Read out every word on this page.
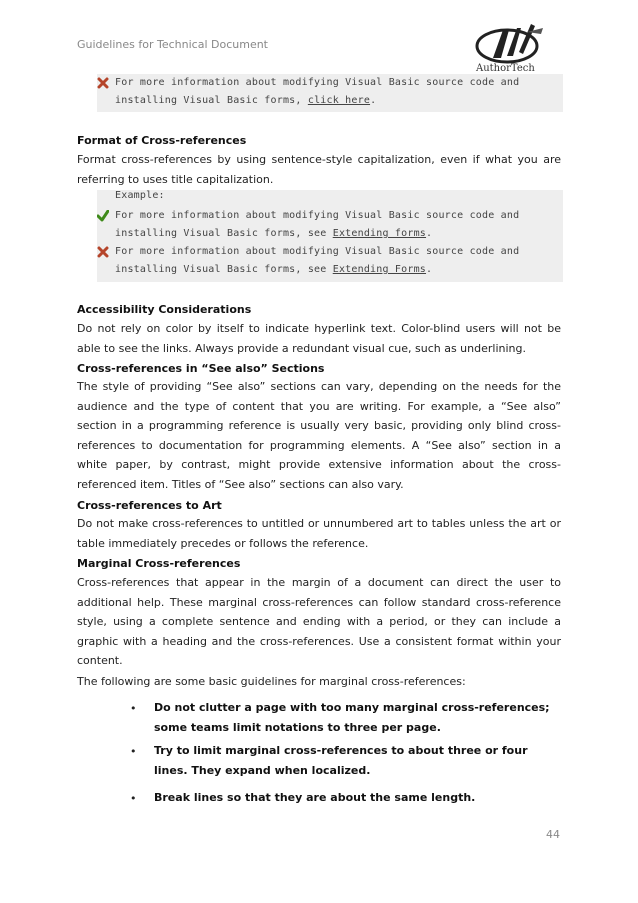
Guidelines for Technical Document
AuthorTech
For more information about modifying Visual Basic source code and
installing Visual Basic forms, click here.
Format of Cross-references
Format cross-references by using sentence-style capitalization, even if what you are referring to uses title capitalization.
Example:
For more information about modifying Visual Basic source code and
installing Visual Basic forms, see Extending forms.
For more information about modifying Visual Basic source code and
installing Visual Basic forms, see Extending Forms.
Accessibility Considerations
Do not rely on color by itself to indicate hyperlink text. Color-blind users will not be able to see the links. Always provide a redundant visual cue, such as underlining.
Cross-references in “See also” Sections
The style of providing “See also” sections can vary, depending on the needs for the audience and the type of content that you are writing. For example, a “See also” section in a programming reference is usually very basic, providing only blind cross-references to documentation for programming elements. A “See also” section in a white paper, by contrast, might provide extensive information about the cross-referenced item. Titles of “See also” sections can also vary.
Cross-references to Art
Do not make cross-references to untitled or unnumbered art to tables unless the art or table immediately precedes or follows the reference.
Marginal Cross-references
Cross-references that appear in the margin of a document can direct the user to additional help. These marginal cross-references can follow standard cross-reference style, using a complete sentence and ending with a period, or they can include a graphic with a heading and the cross-references. Use a consistent format within your content.
The following are some basic guidelines for marginal cross-references:
• Do not clutter a page with too many marginal cross-references; some teams limit notations to three per page.
• Try to limit marginal cross-references to about three or four lines. They expand when localized.
• Break lines so that they are about the same length.
44
